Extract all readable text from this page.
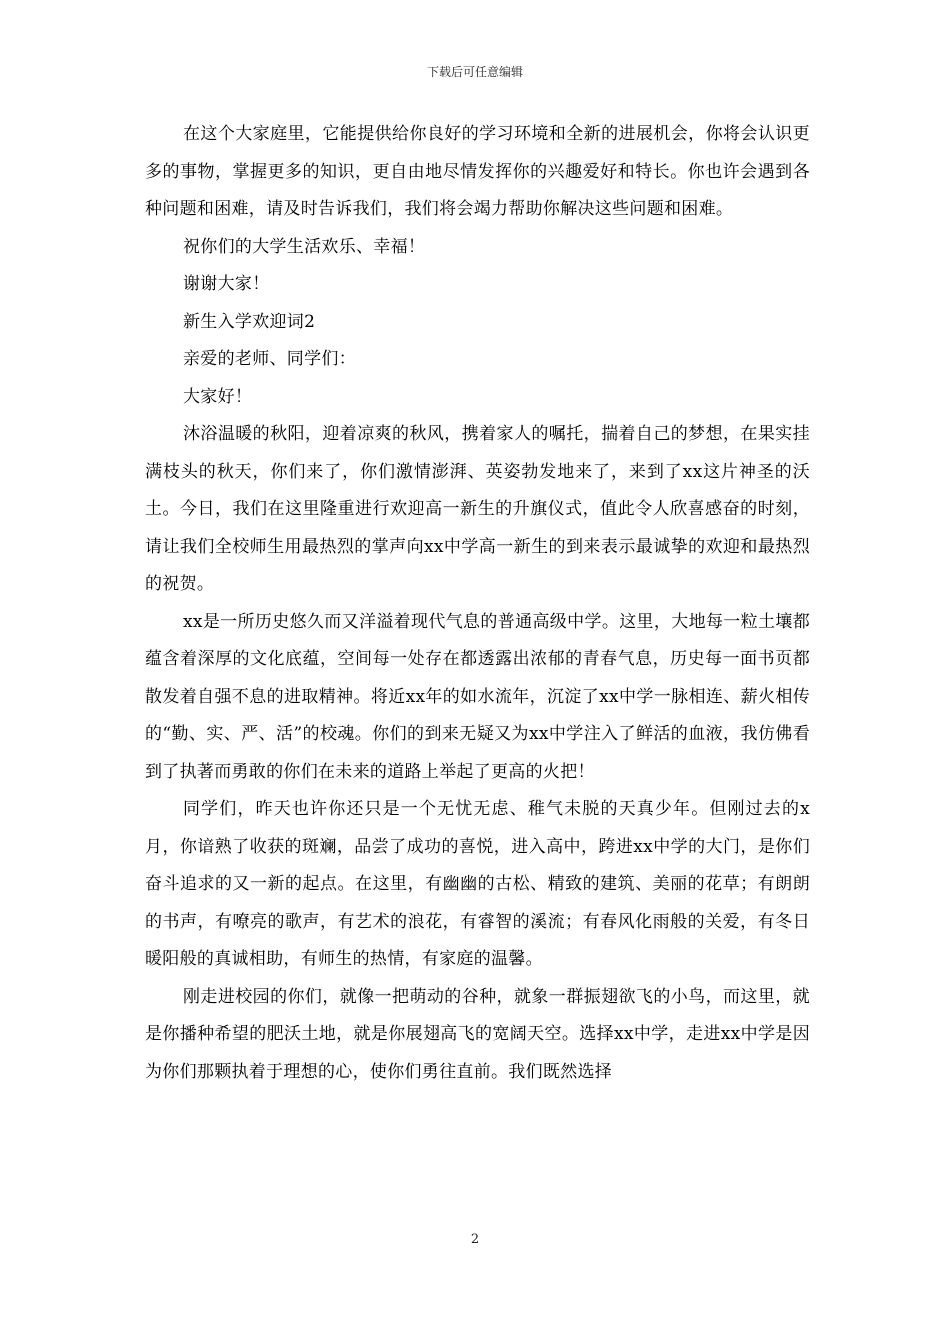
下载后可任意编辑

在这个大家庭里，它能提供给你良好的学习环境和全新的进展机会，你将会认识更多的事物，掌握更多的知识，更自由地尽情发挥你的兴趣爱好和特长。你也许会遇到各种问题和困难，请及时告诉我们，我们将会竭力帮助你解决这些问题和困难。

祝你们的大学生活欢乐、幸福！

谢谢大家！

新生入学欢迎词2

亲爱的老师、同学们：

大家好！

沐浴温暖的秋阳，迎着凉爽的秋风，携着家人的嘱托，揣着自己的梦想，在果实挂满枝头的秋天，你们来了，你们激情澎湃、英姿勃发地来了，来到了xx这片神圣的沃土。今日，我们在这里隆重进行欢迎高一新生的升旗仪式，值此令人欣喜感奋的时刻，请让我们全校师生用最热烈的掌声向xx中学高一新生的到来表示最诚挚的欢迎和最热烈的祝贺。

xx是一所历史悠久而又洋溢着现代气息的普通高级中学。这里，大地每一粒土壤都蕴含着深厚的文化底蕴，空间每一处存在都透露出浓郁的青春气息，历史每一面书页都散发着自强不息的进取精神。将近xx年的如水流年，沉淀了xx中学一脉相连、薪火相传的“勤、实、严、活”的校魂。你们的到来无疑又为xx中学注入了鲜活的血液，我仿佛看到了执著而勇敢的你们在未来的道路上举起了更高的火把！

同学们，昨天也许你还只是一个无忧无虑、稚气未脱的天真少年。但刚过去的x月，你谙熟了收获的斑斓，品尝了成功的喜悦，进入高中，跨进xx中学的大门，是你们奋斗追求的又一新的起点。在这里，有幽幽的古松、精致的建筑、美丽的花草；有朗朗的书声，有嘹亮的歌声，有艺术的浪花，有睿智的溪流；有春风化雨般的关爱，有冬日暖阳般的真诚相助，有师生的热情，有家庭的温馨。

刚走进校园的你们，就像一把萌动的谷种，就象一群振翅欲飞的小鸟，而这里，就是你播种希望的肥沃土地，就是你展翅高飞的宽阔天空。选择xx中学，走进xx中学是因为你们那颗执着于理想的心，使你们勇往直前。我们既然选择

2
